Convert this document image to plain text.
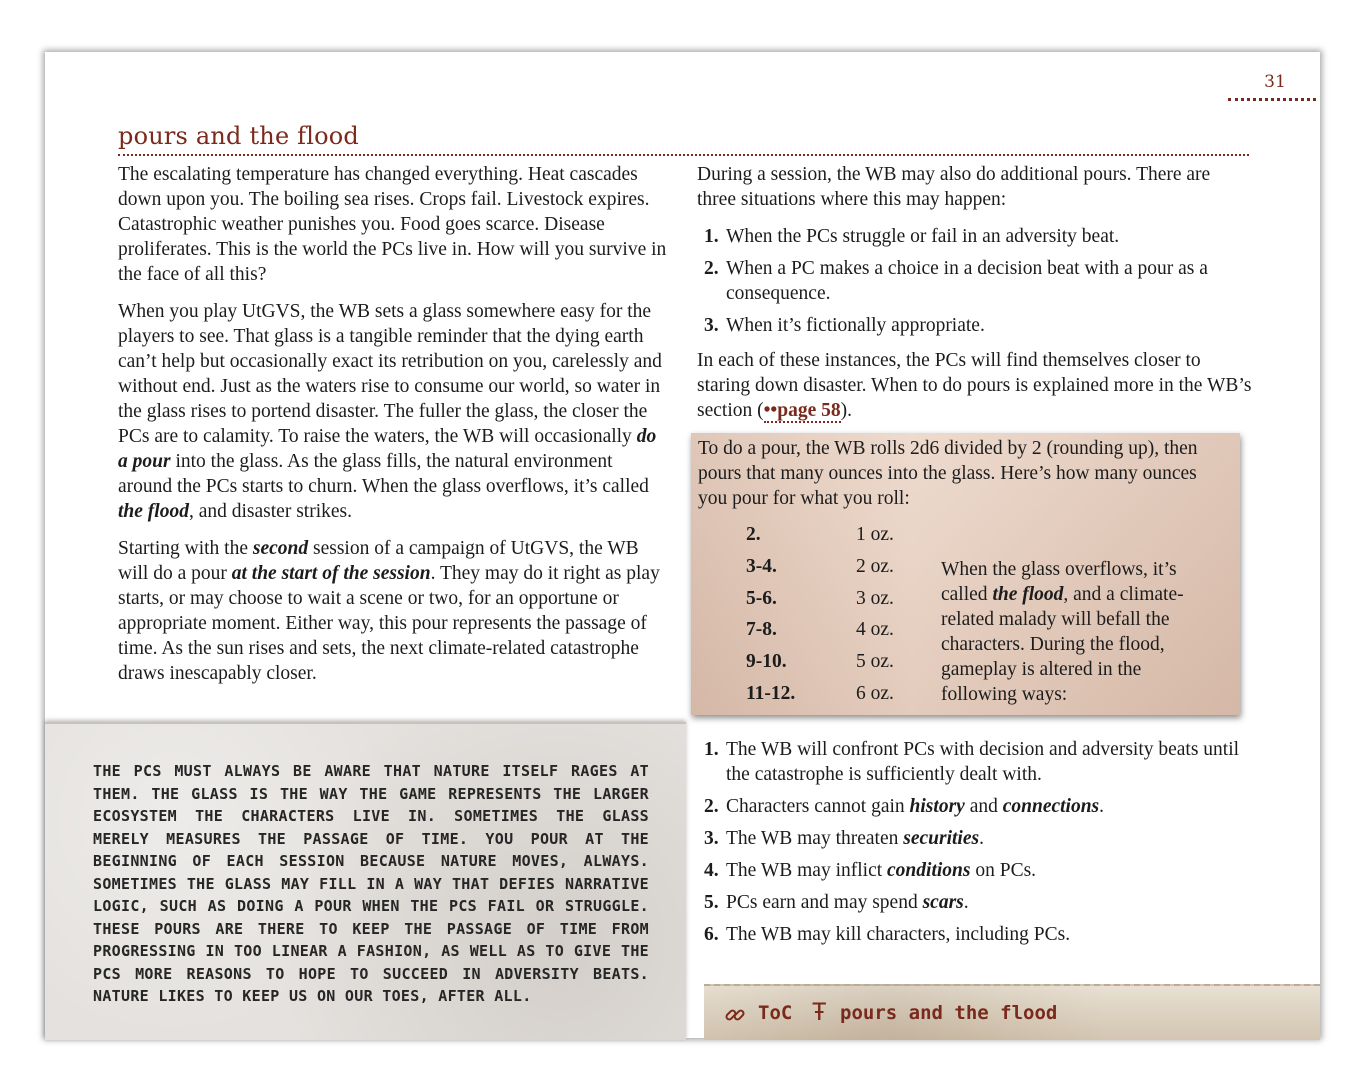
31
pours and the flood

The escalating temperature has changed everything. Heat cascades down upon you. The boiling sea rises. Crops fail. Livestock expires. Catastrophic weather punishes you. Food goes scarce. Disease proliferates. This is the world the PCs live in. How will you survive in the face of all this?

When you play UtGVS, the WB sets a glass somewhere easy for the players to see. That glass is a tangible reminder that the dying earth can’t help but occasionally exact its retribution on you, carelessly and without end. Just as the waters rise to consume our world, so water in the glass rises to portend disaster. The fuller the glass, the closer the PCs are to calamity. To raise the waters, the WB will occasionally do a pour into the glass. As the glass fills, the natural environment around the PCs starts to churn. When the glass overflows, it’s called the flood, and disaster strikes.

Starting with the second session of a campaign of UtGVS, the WB will do a pour at the start of the session. They may do it right as play starts, or may choose to wait a scene or two, for an opportune or appropriate moment. Either way, this pour represents the passage of time. As the sun rises and sets, the next climate-related catastrophe draws inescapably closer.

During a session, the WB may also do additional pours. There are three situations where this may happen:

1. When the PCs struggle or fail in an adversity beat.
2. When a PC makes a choice in a decision beat with a pour as a consequence.
3. When it’s fictionally appropriate.

In each of these instances, the PCs will find themselves closer to staring down disaster. When to do pours is explained more in the WB’s section (••page 58).

To do a pour, the WB rolls 2d6 divided by 2 (rounding up), then pours that many ounces into the glass. Here’s how many ounces you pour for what you roll:

2.	1 oz.
3-4.	2 oz.
5-6.	3 oz.
7-8.	4 oz.
9-10.	5 oz.
11-12.	6 oz.

When the glass overflows, it’s called the flood, and a climate-related malady will befall the characters. During the flood, gameplay is altered in the following ways:

1. The WB will confront PCs with decision and adversity beats until the catastrophe is sufficiently dealt with.
2. Characters cannot gain history and connections.
3. The WB may threaten securities.
4. The WB may inflict conditions on PCs.
5. PCs earn and may spend scars.
6. The WB may kill characters, including PCs.

THE PCS MUST ALWAYS BE AWARE THAT NATURE ITSELF RAGES AT THEM. THE GLASS IS THE WAY THE GAME REPRESENTS THE LARGER ECOSYSTEM THE CHARACTERS LIVE IN. SOMETIMES THE GLASS MERELY MEASURES THE PASSAGE OF TIME. YOU POUR AT THE BEGINNING OF EACH SESSION BECAUSE NATURE MOVES, ALWAYS. SOMETIMES THE GLASS MAY FILL IN A WAY THAT DEFIES NARRATIVE LOGIC, SUCH AS DOING A POUR WHEN THE PCS FAIL OR STRUGGLE. THESE POURS ARE THERE TO KEEP THE PASSAGE OF TIME FROM PROGRESSING IN TOO LINEAR A FASHION, AS WELL AS TO GIVE THE PCS MORE REASONS TO HOPE TO SUCCEED IN ADVERSITY BEATS. NATURE LIKES TO KEEP US ON OUR TOES, AFTER ALL.

ToC Ŧ pours and the flood
